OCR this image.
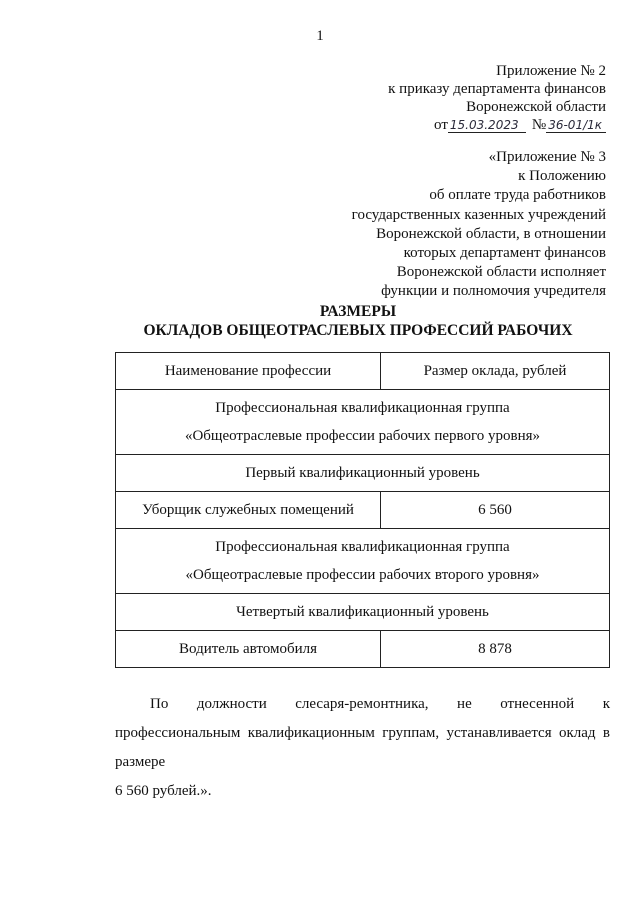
1
Приложение № 2
к приказу департамента финансов
Воронежской области
от 15.03.2023 № 36-01/1к
«Приложение № 3
к Положению
об оплате труда работников
государственных казенных учреждений
Воронежской области, в отношении
которых департамент финансов
Воронежской области исполняет
функции и полномочия учредителя
РАЗМЕРЫ
ОКЛАДОВ ОБЩЕОТРАСЛЕВЫХ ПРОФЕССИЙ РАБОЧИХ
Наименование профессии	Размер оклада, рублей

Профессиональная квалификационная группа
«Общеотраслевые профессии рабочих первого уровня»	

Первый квалификационный уровень	
Уборщик служебных помещений	6 560

Профессиональная квалификационная группа
«Общеотраслевые профессии рабочих второго уровня»	

Четвертый квалификационный уровень	
Водитель автомобиля	8 878

По должности слесаря-ремонтника, не отнесенной к профессиональным квалификационным группам, устанавливается оклад в размере

6 560 рублей.».
